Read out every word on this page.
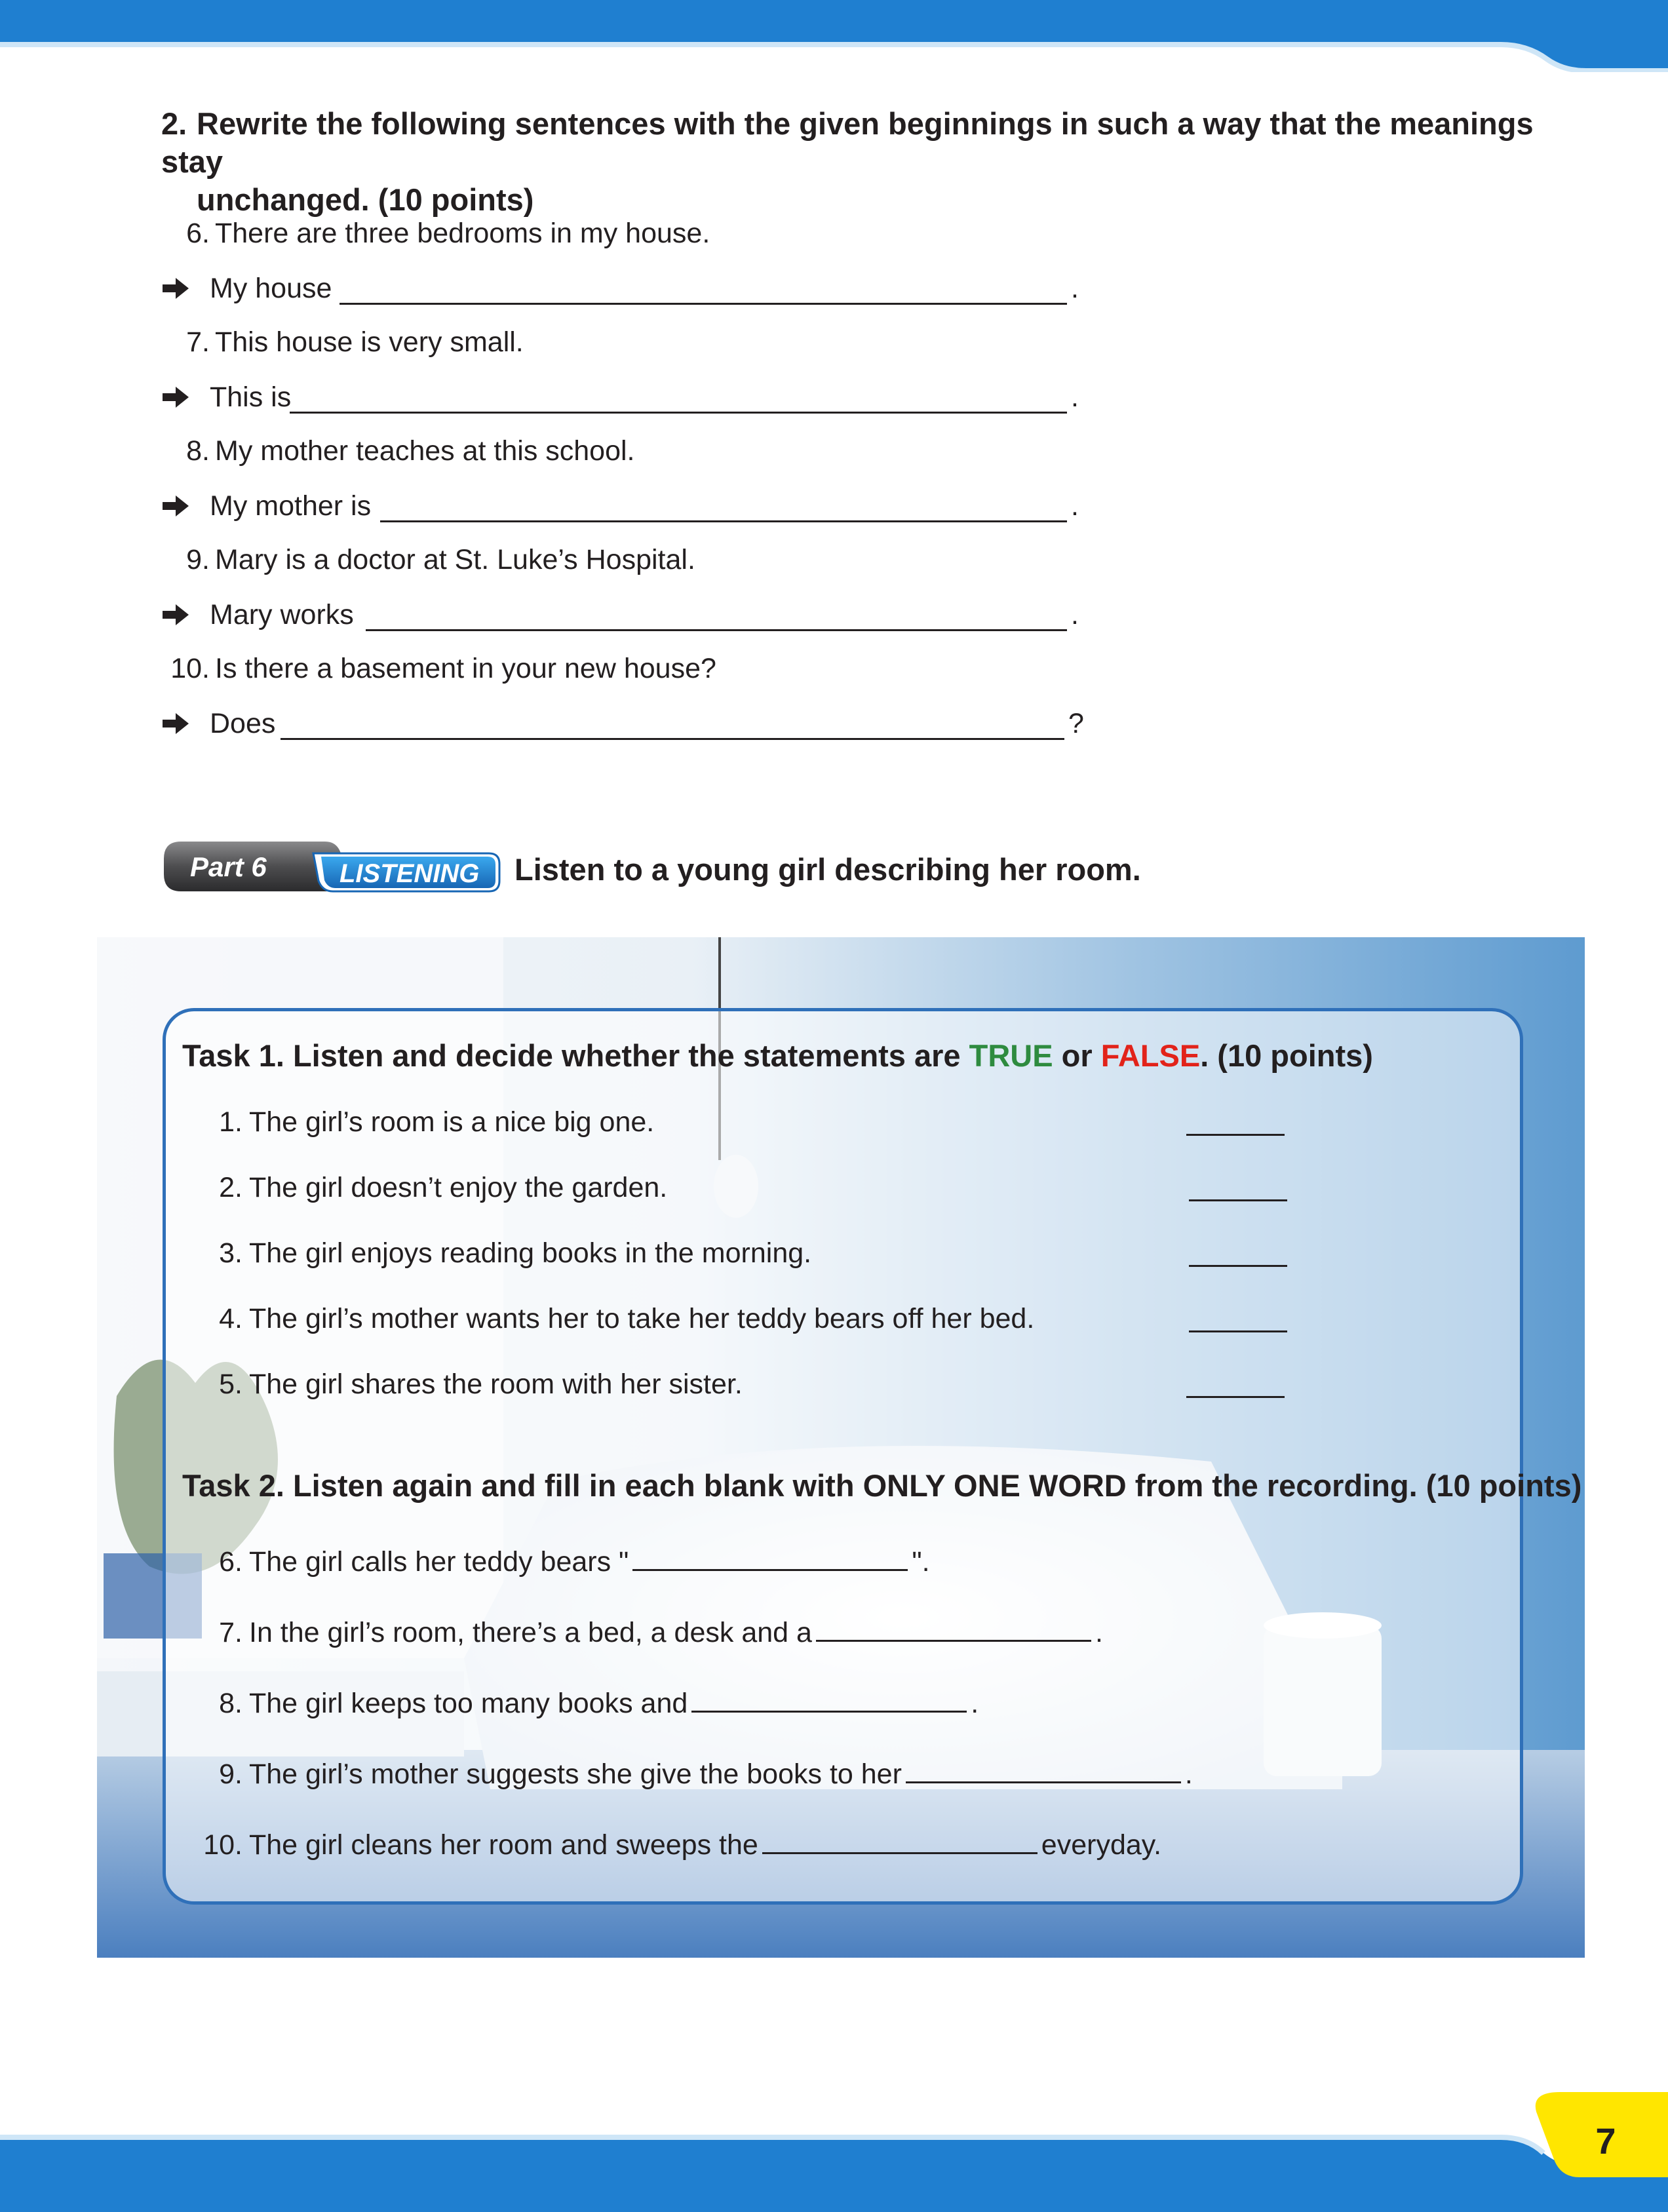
2. Rewrite the following sentences with the given beginnings in such a way that the meanings stay
unchanged. (10 points)
6. There are three bedrooms in my house.
My house	.
7. This house is very small.
This is	.
8. My mother teaches at this school.
My mother is	.
9. Mary is a doctor at St. Luke’s Hospital.
Mary works	.
10. Is there a basement in your new house?
Does	?
Part 6	LISTENING Listen to a young girl describing her room.
Task 1. Listen and decide whether the statements are TRUE or FALSE. (10 points)
1. The girl’s room is a nice big one.
2. The girl doesn’t enjoy the garden.
3. The girl enjoys reading books in the morning.
4. The girl’s mother wants her to take her teddy bears off her bed.
5. The girl shares the room with her sister.
Task 2. Listen again and fill in each blank with ONLY ONE WORD from the recording. (10 points)
6. The girl calls her teddy bears "	".
7. In the girl’s room, there’s a bed, a desk and a	.
8. The girl keeps too many books and	.
9. The girl’s mother suggests she give the books to her	.
10. The girl cleans her room and sweeps the	everyday.
7
